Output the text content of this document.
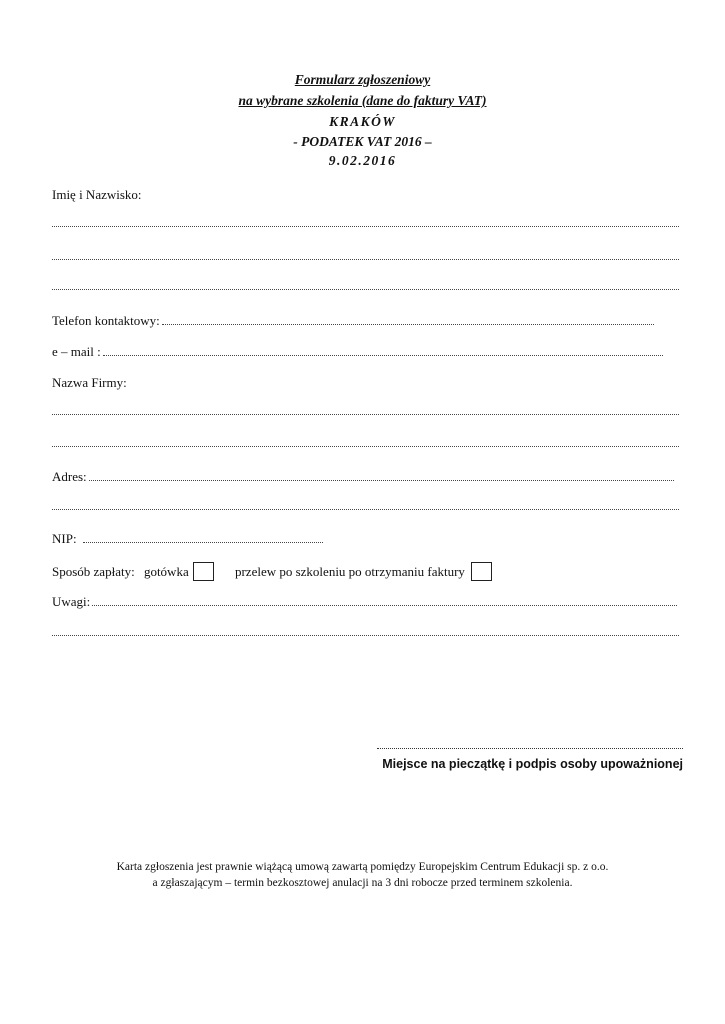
Formularz zgłoszeniowy
na wybrane szkolenia (dane do faktury VAT)
KRAKÓW
- PODATEK VAT 2016 –
9.02.2016
Imię i Nazwisko:
Telefon kontaktowy:
e – mail :
Nazwa Firmy:
Adres:
NIP:
Sposób zapłaty: gotówka	przelew po szkoleniu po otrzymaniu faktury
Uwagi:
Miejsce na pieczątkę i podpis osoby upoważnionej
Karta zgłoszenia jest prawnie wiążącą umową zawartą pomiędzy Europejskim Centrum Edukacji sp. z o.o.
a zgłaszającym – termin bezkosztowej anulacji na 3 dni robocze przed terminem szkolenia.
